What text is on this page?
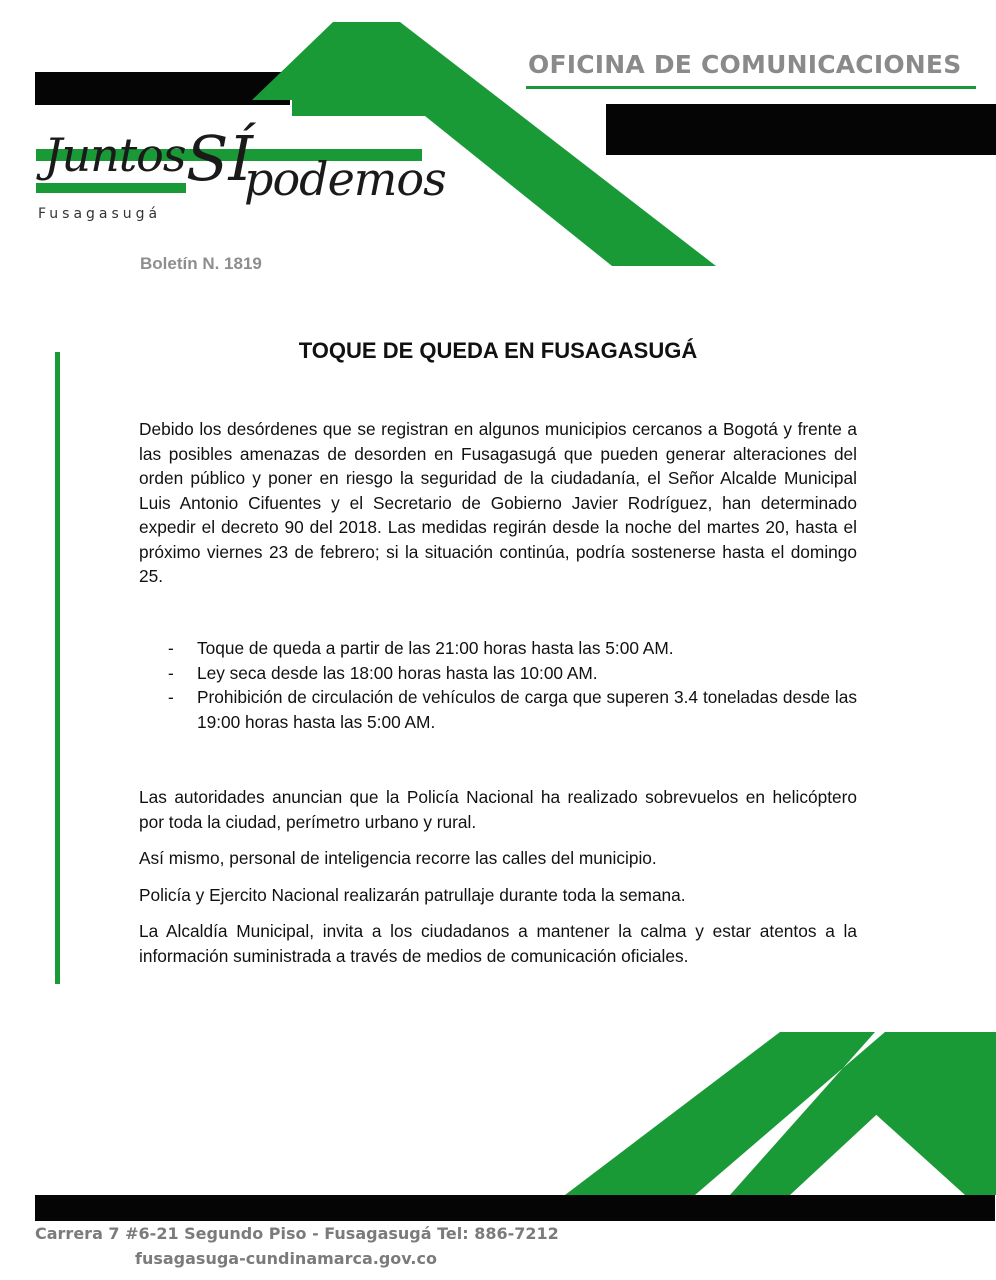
OFICINA DE COMUNICACIONES
Juntos SÍ
podemos
Fusagasugá
Boletín N. 1819
TOQUE DE QUEDA EN FUSAGASUGÁ
Debido los desórdenes que se registran en algunos municipios cercanos a Bogotá y frente a las posibles amenazas de desorden en Fusagasugá que pueden generar alteraciones del orden público y poner en riesgo la seguridad de la ciudadanía, el Señor Alcalde Municipal Luis Antonio Cifuentes y el Secretario de Gobierno Javier Rodríguez, han determinado expedir el decreto 90 del 2018. Las medidas regirán desde la noche del martes 20, hasta el próximo viernes 23 de febrero; si la situación continúa, podría sostenerse hasta el domingo 25.
- Toque de queda a partir de las 21:00 horas hasta las 5:00 AM.
- Ley seca desde las 18:00 horas hasta las 10:00 AM.
- Prohibición de circulación de vehículos de carga que superen 3.4 toneladas desde las 19:00 horas hasta las 5:00 AM.

Las autoridades anuncian que la Policía Nacional ha realizado sobrevuelos en helicóptero por toda la ciudad, perímetro urbano y rural.

Así mismo, personal de inteligencia recorre las calles del municipio.

Policía y Ejercito Nacional realizarán patrullaje durante toda la semana.

La Alcaldía Municipal, invita a los ciudadanos a mantener la calma y estar atentos a la información suministrada a través de medios de comunicación oficiales.

Carrera 7 #6-21 Segundo Piso - Fusagasugá Tel: 886-7212
fusagasuga-cundinamarca.gov.co
